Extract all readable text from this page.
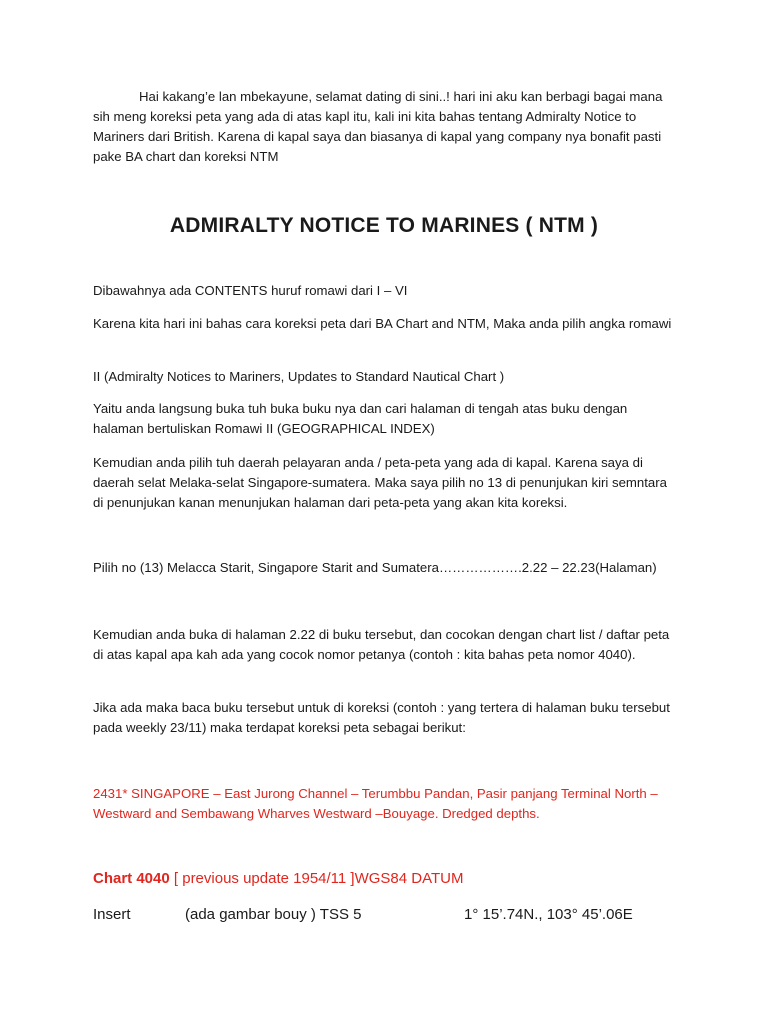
Hai kakang’e lan mbekayune, selamat dating di sini..! hari ini aku kan berbagi bagai mana sih meng koreksi peta yang ada di atas kapl itu, kali ini kita bahas tentang Admiralty Notice to Mariners dari British. Karena di kapal saya dan biasanya di kapal yang company nya bonafit pasti pake BA chart dan koreksi NTM

ADMIRALTY NOTICE TO MARINES ( NTM )

Dibawahnya ada CONTENTS huruf romawi dari I – VI

Karena kita hari ini bahas cara koreksi peta dari BA Chart and NTM, Maka anda pilih angka romawi

II (Admiralty Notices to Mariners, Updates to Standard Nautical Chart )

Yaitu anda langsung buka tuh buka buku nya dan cari halaman di tengah atas buku dengan halaman bertuliskan Romawi II (GEOGRAPHICAL INDEX)

Kemudian anda pilih tuh daerah pelayaran anda / peta-peta yang ada di kapal. Karena saya di daerah selat Melaka-selat Singapore-sumatera. Maka saya pilih no 13 di penunjukan kiri semntara di penunjukan kanan menunjukan halaman dari peta-peta yang akan kita koreksi.

Pilih no (13) Melacca Starit, Singapore Starit and Sumatera……………….2.22 – 22.23(Halaman)

Kemudian anda buka di halaman 2.22 di buku tersebut, dan cocokan dengan chart list / daftar peta di atas kapal apa kah ada yang cocok nomor petanya (contoh : kita bahas peta nomor 4040).

Jika ada maka baca buku tersebut untuk di koreksi (contoh : yang tertera di halaman buku tersebut pada weekly 23/11) maka terdapat koreksi peta sebagai berikut:

2431* SINGAPORE – East Jurong Channel – Terumbbu Pandan, Pasir panjang Terminal North – Westward and Sembawang Wharves Westward –Bouyage. Dredged depths.

Chart 4040 [ previous update 1954/11 ]WGS84 DATUM
Insert	(ada gambar bouy ) TSS 5	1° 15’.74N., 103° 45’.06E
